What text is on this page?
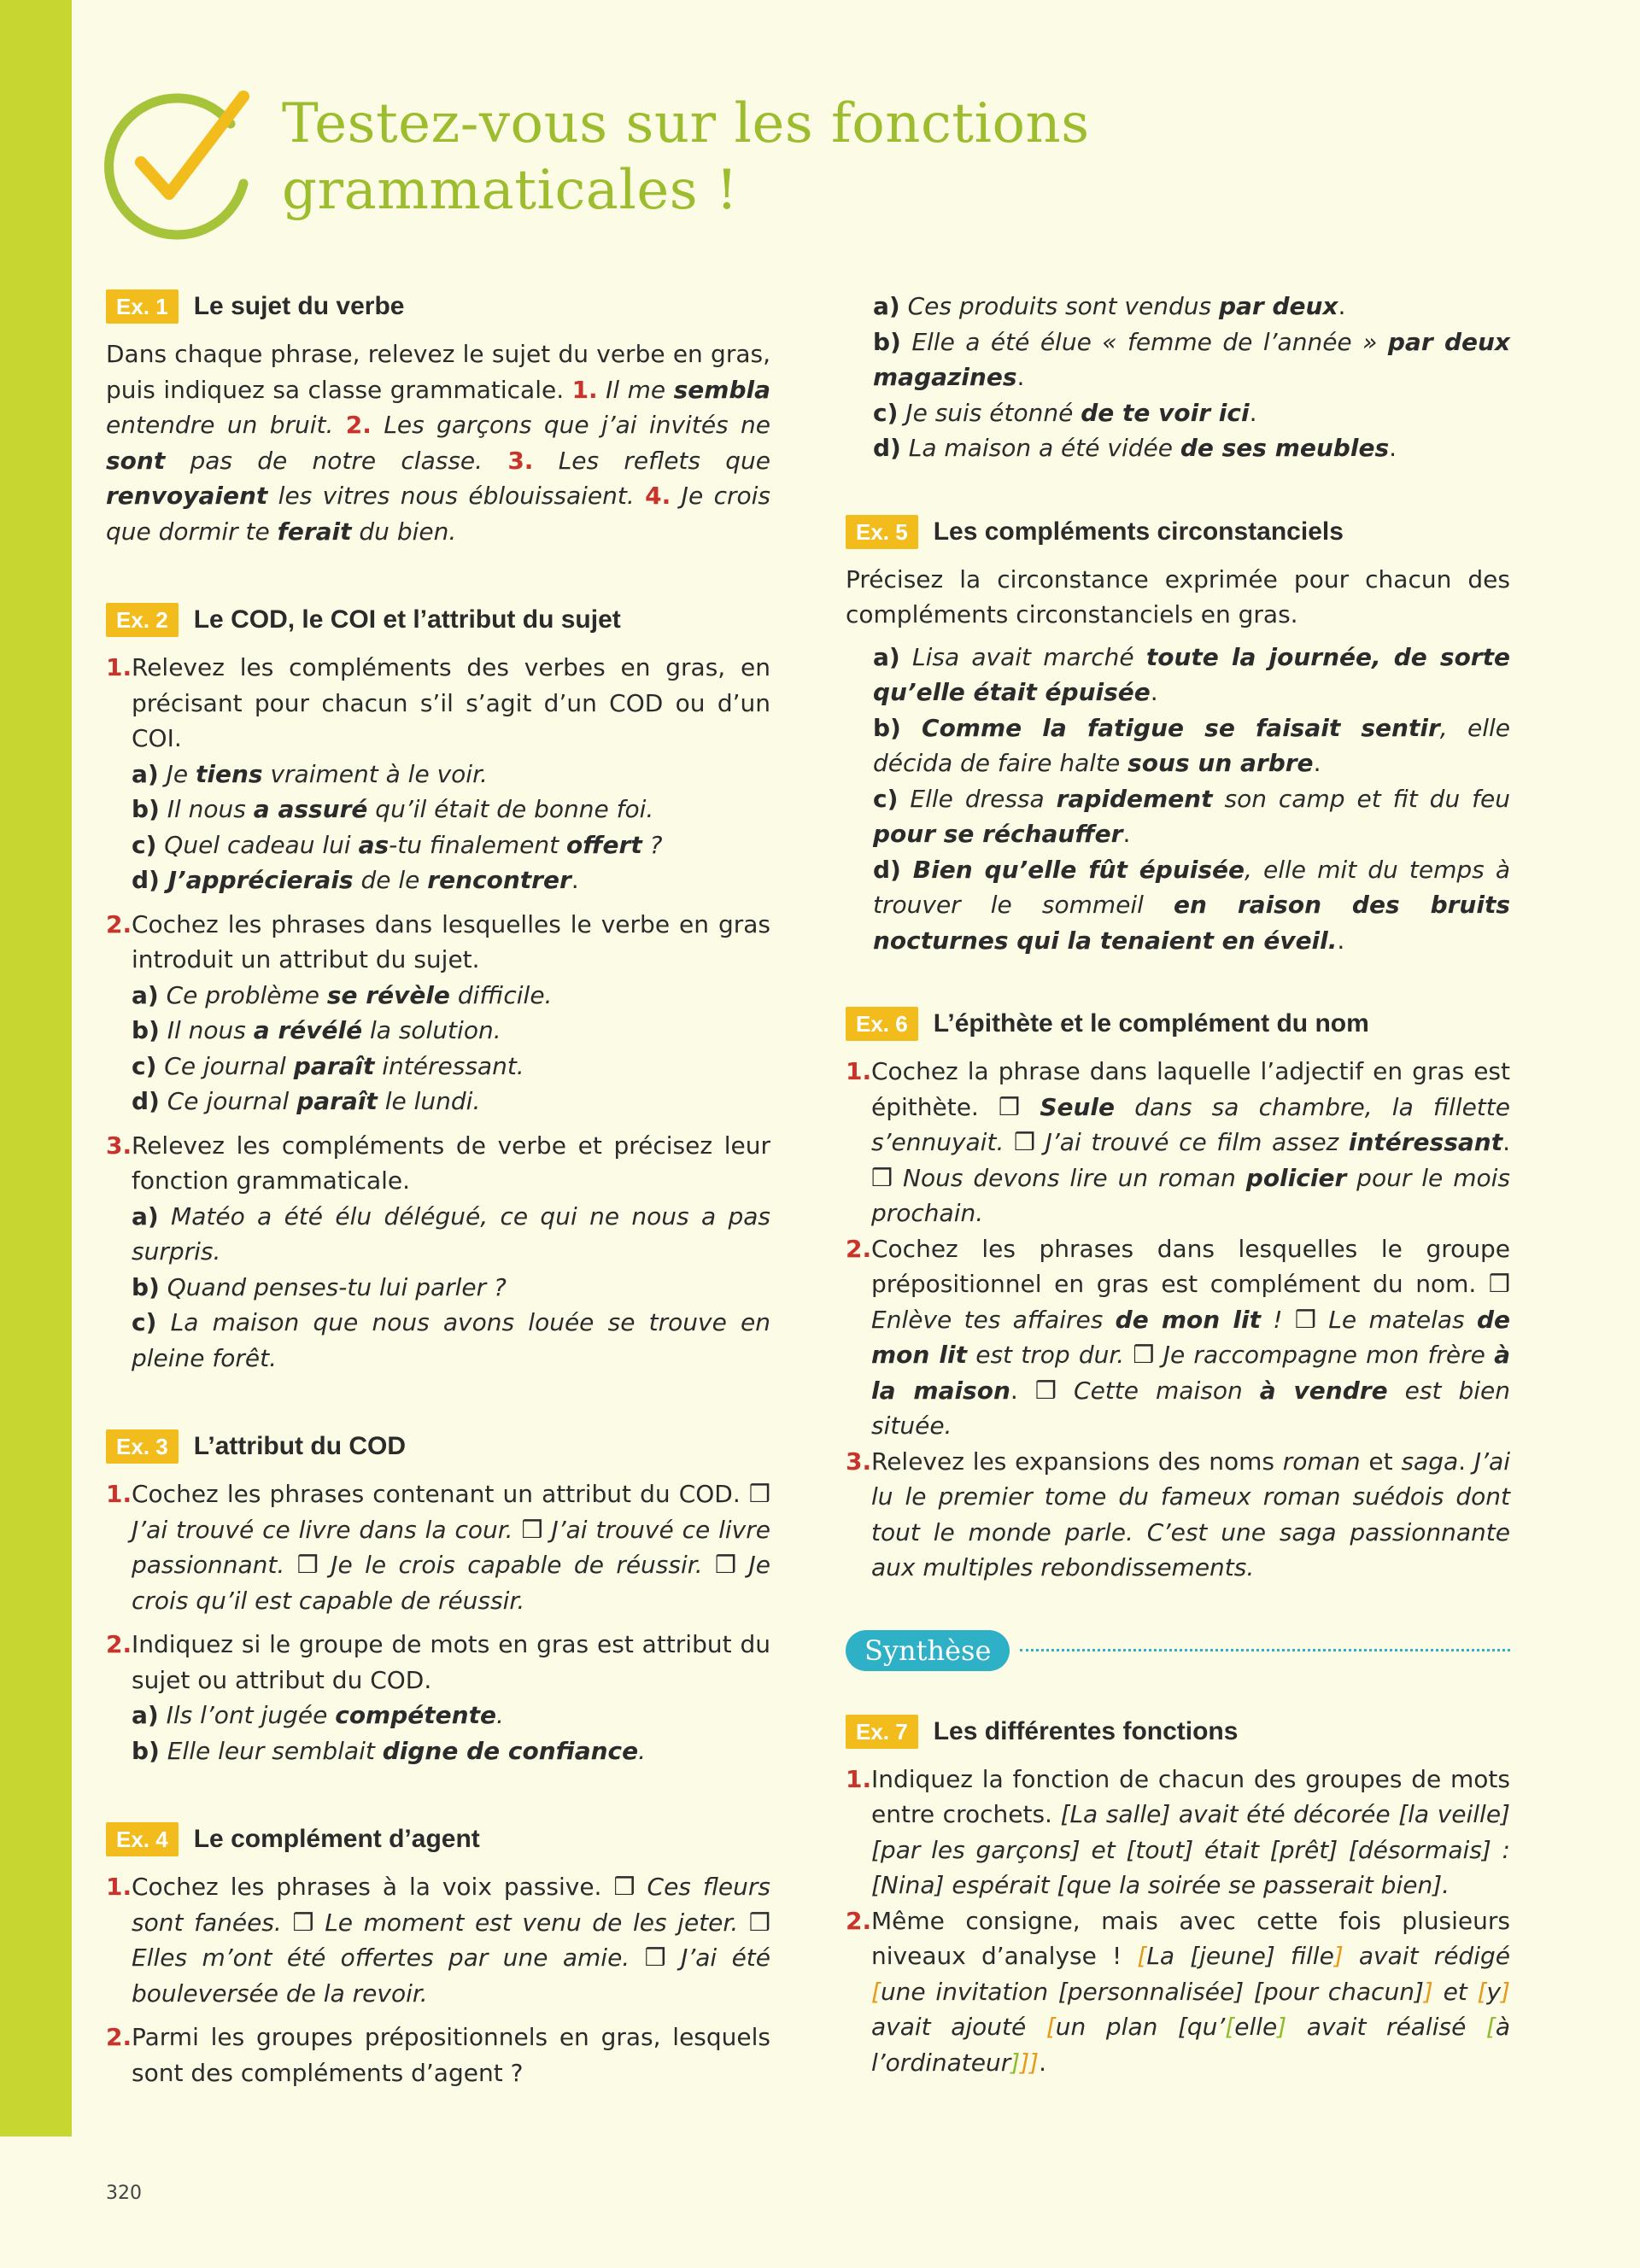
Testez-vous sur les fonctions
grammaticales !
Ex. 1	Le sujet du verbe

Dans chaque phrase, relevez le sujet du verbe en gras, puis indiquez sa classe grammaticale. 1. Il me sembla entendre un bruit. 2. Les garçons que j’ai invités ne sont pas de notre classe. 3. Les reflets que renvoyaient les vitres nous éblouissaient. 4. Je crois que dormir te ferait du bien.

Ex. 2	Le COD, le COI et l’attribut du sujet
1. Relevez les compléments des verbes en gras, en précisant pour chacun s’il s’agit d’un COD ou d’un COI.
a) Je tiens vraiment à le voir.
b) Il nous a assuré qu’il était de bonne foi.
c) Quel cadeau lui as-tu finalement offert ?
d) J’apprécierais de le rencontrer.
2. Cochez les phrases dans lesquelles le verbe en gras introduit un attribut du sujet.
a) Ce problème se révèle difficile.
b) Il nous a révélé la solution.
c) Ce journal paraît intéressant.
d) Ce journal paraît le lundi.
3. Relevez les compléments de verbe et précisez leur fonction grammaticale.
a) Matéo a été élu délégué, ce qui ne nous a pas surpris.
b) Quand penses-tu lui parler ?
c) La maison que nous avons louée se trouve en pleine forêt.
Ex. 3	L’attribut du COD
1. Cochez les phrases contenant un attribut du COD. ❒ J’ai trouvé ce livre dans la cour. ❒ J’ai trouvé ce livre passionnant. ❒ Je le crois capable de réussir. ❒ Je crois qu’il est capable de réussir.
2. Indiquez si le groupe de mots en gras est attribut du sujet ou attribut du COD.
a) Ils l’ont jugée compétente.
b) Elle leur semblait digne de confiance.
Ex. 4	Le complément d’agent
1. Cochez les phrases à la voix passive. ❒ Ces fleurs sont fanées. ❒ Le moment est venu de les jeter. ❒ Elles m’ont été offertes par une amie. ❒ J’ai été bouleversée de la revoir.
2. Parmi les groupes prépositionnels en gras, lesquels sont des compléments d’agent ?
a) Ces produits sont vendus par deux.
b) Elle a été élue « femme de l’année » par deux magazines.
c) Je suis étonné de te voir ici.
d) La maison a été vidée de ses meubles.
Ex. 5	Les compléments circonstanciels

Précisez la circonstance exprimée pour chacun des compléments circonstanciels en gras.

a) Lisa avait marché toute la journée, de sorte qu’elle était épuisée.
b) Comme la fatigue se faisait sentir, elle décida de faire halte sous un arbre.
c) Elle dressa rapidement son camp et fit du feu pour se réchauffer.
d) Bien qu’elle fût épuisée, elle mit du temps à trouver le sommeil en raison des bruits nocturnes qui la tenaient en éveil..
Ex. 6	L’épithète et le complément du nom
1. Cochez la phrase dans laquelle l’adjectif en gras est épithète. ❒ Seule dans sa chambre, la fillette s’ennuyait. ❒ J’ai trouvé ce film assez intéressant. ❒ Nous devons lire un roman policier pour le mois prochain.
2. Cochez les phrases dans lesquelles le groupe prépositionnel en gras est complément du nom. ❒ Enlève tes affaires de mon lit ! ❒ Le matelas de mon lit est trop dur. ❒ Je raccompagne mon frère à la maison. ❒ Cette maison à vendre est bien située.
3. Relevez les expansions des noms roman et saga. J’ai lu le premier tome du fameux roman suédois dont tout le monde parle. C’est une saga passionnante aux multiples rebondissements.
Synthèse
Ex. 7	Les différentes fonctions
1. Indiquez la fonction de chacun des groupes de mots entre crochets. [La salle] avait été décorée [la veille] [par les garçons] et [tout] était [prêt] [désormais] : [Nina] espérait [que la soirée se passerait bien].
2. Même consigne, mais avec cette fois plusieurs niveaux d’analyse ! [La [jeune] fille] avait rédigé [une invitation [personnalisée] [pour chacun]] et [y] avait ajouté [un plan [qu’[elle] avait réalisé [à l’ordinateur]]].
320
